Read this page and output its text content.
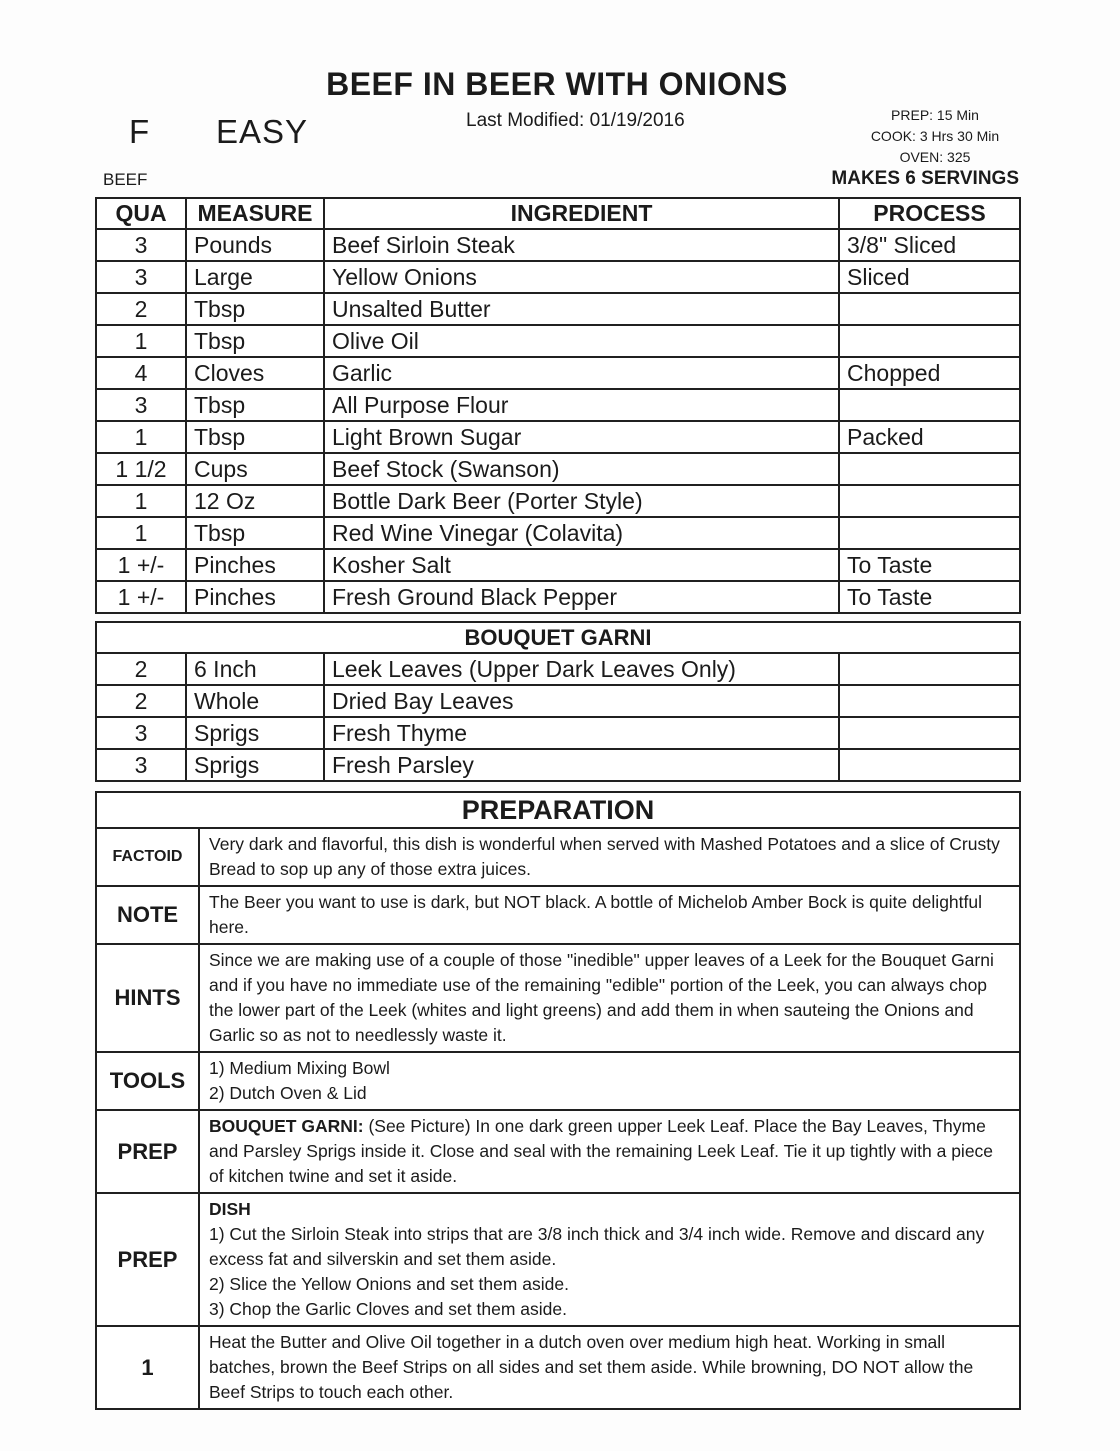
BEEF IN BEER WITH ONIONS
Last Modified: 01/19/2016	PREP: 15 Min
COOK: 3 Hrs 30 Min
OVEN: 325
F EASY
BEEF	MAKES 6 SERVINGS
QUA	MEASURE	INGREDIENT	PROCESS
3	Pounds	Beef Sirloin Steak	3/8" Sliced
3	Large	Yellow Onions	Sliced
2	Tbsp	Unsalted Butter	
1	Tbsp	Olive Oil	
4	Cloves	Garlic	Chopped
3	Tbsp	All Purpose Flour	
1	Tbsp	Light Brown Sugar	Packed
1 1/2	Cups	Beef Stock (Swanson)	
1	12 Oz	Bottle Dark Beer (Porter Style)	
1	Tbsp	Red Wine Vinegar (Colavita)	
1 +/-	Pinches	Kosher Salt	To Taste
1 +/-	Pinches	Fresh Ground Black Pepper	To Taste
BOUQUET GARNI			
2	6 Inch	Leek Leaves (Upper Dark Leaves Only)	
2	Whole	Dried Bay Leaves	
3	Sprigs	Fresh Thyme	
3	Sprigs	Fresh Parsley	
PREPARATION	
FACTOID	Very dark and flavorful, this dish is wonderful when served with Mashed Potatoes and a slice of Crusty Bread to sop up any of those extra juices.
NOTE	The Beer you want to use is dark, but NOT black. A bottle of Michelob Amber Bock is quite delightful here.
HINTS	Since we are making use of a couple of those "inedible" upper leaves of a Leek for the Bouquet Garni and if you have no immediate use of the remaining "edible" portion of the Leek, you can always chop the lower part of the Leek (whites and light greens) and add them in when sauteing the Onions and Garlic so as not to needlessly waste it.
TOOLS	1) Medium Mixing Bowl
2) Dutch Oven & Lid

PREP	BOUQUET GARNI: (See Picture) In one dark green upper Leek Leaf. Place the Bay Leaves, Thyme and Parsley Sprigs inside it. Close and seal with the remaining Leek Leaf. Tie it up tightly with a piece of kitchen twine and set it aside.
PREP	DISH
1) Cut the Sirloin Steak into strips that are 3/8 inch thick and 3/4 inch wide. Remove and discard any excess fat and silverskin and set them aside.
2) Slice the Yellow Onions and set them aside.
3) Chop the Garlic Cloves and set them aside.

1	Heat the Butter and Olive Oil together in a dutch oven over medium high heat. Working in small batches, brown the Beef Strips on all sides and set them aside. While browning, DO NOT allow the Beef Strips to touch each other.
